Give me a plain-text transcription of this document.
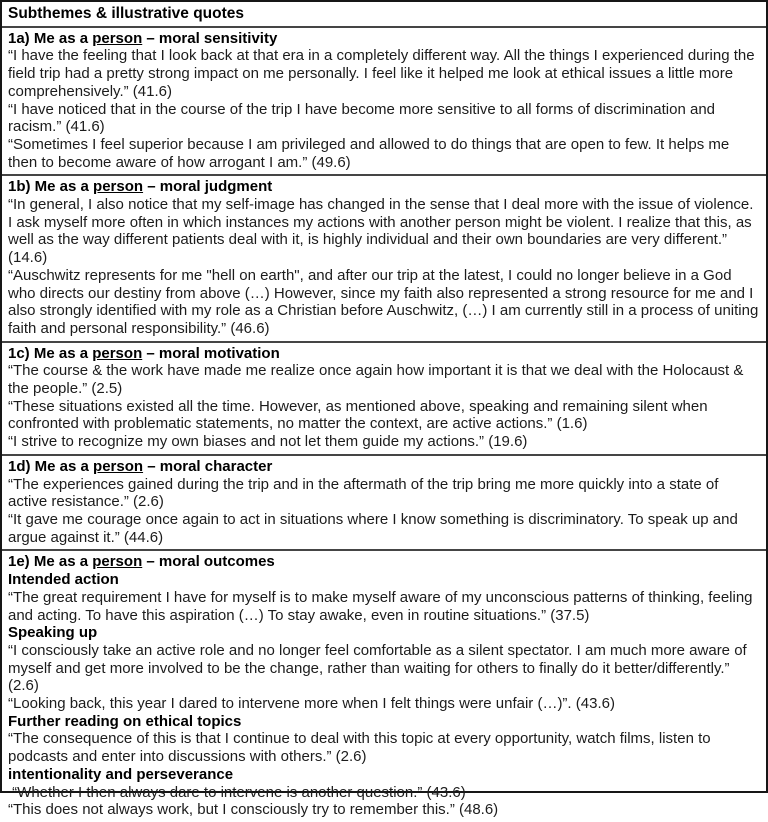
Subthemes & illustrative quotes
1a) Me as a person – moral sensitivity
“I have the feeling that I look back at that era in a completely different way. All the things I experienced during the field trip had a pretty strong impact on me personally. I feel like it helped me look at ethical issues a little more comprehensively.” (41.6)
“I have noticed that in the course of the trip I have become more sensitive to all forms of discrimination and racism.” (41.6)
“Sometimes I feel superior because I am privileged and allowed to do things that are open to few. It helps me then to become aware of how arrogant I am.” (49.6)
1b) Me as a person – moral judgment
“In general, I also notice that my self-image has changed in the sense that I deal more with the issue of violence. I ask myself more often in which instances my actions with another person might be violent. I realize that this, as well as the way different patients deal with it, is highly individual and their own boundaries are very different.” (14.6)
“Auschwitz represents for me "hell on earth", and after our trip at the latest, I could no longer believe in a God who directs our destiny from above (…) However, since my faith also represented a strong resource for me and I also strongly identified with my role as a Christian before Auschwitz, (…) I am currently still in a process of uniting faith and personal responsibility.” (46.6)
1c) Me as a person – moral motivation
“The course & the work have made me realize once again how important it is that we deal with the Holocaust & the people.” (2.5)
“These situations existed all the time. However, as mentioned above, speaking and remaining silent when confronted with problematic statements, no matter the context, are active actions.” (1.6)
“I strive to recognize my own biases and not let them guide my actions.” (19.6)
1d) Me as a person – moral character
“The experiences gained during the trip and in the aftermath of the trip bring me more quickly into a state of active resistance.” (2.6)
“It gave me courage once again to act in situations where I know something is discriminatory. To speak up and argue against it.” (44.6)
1e) Me as a person – moral outcomes
Intended action
“The great requirement I have for myself is to make myself aware of my unconscious patterns of thinking, feeling and acting. To have this aspiration (…) To stay awake, even in routine situations.” (37.5)
Speaking up
“I consciously take an active role and no longer feel comfortable as a silent spectator. I am much more aware of myself and get more involved to be the change, rather than waiting for others to finally do it better/differently.” (2.6)
“Looking back, this year I dared to intervene more when I felt things were unfair (…)”. (43.6)
Further reading on ethical topics
“The consequence of this is that I continue to deal with this topic at every opportunity, watch films, listen to podcasts and enter into discussions with others.” (2.6)
intentionality and perseverance
“Whether I then always dare to intervene is another question.” (43.6)
“This does not always work, but I consciously try to remember this.” (48.6)
